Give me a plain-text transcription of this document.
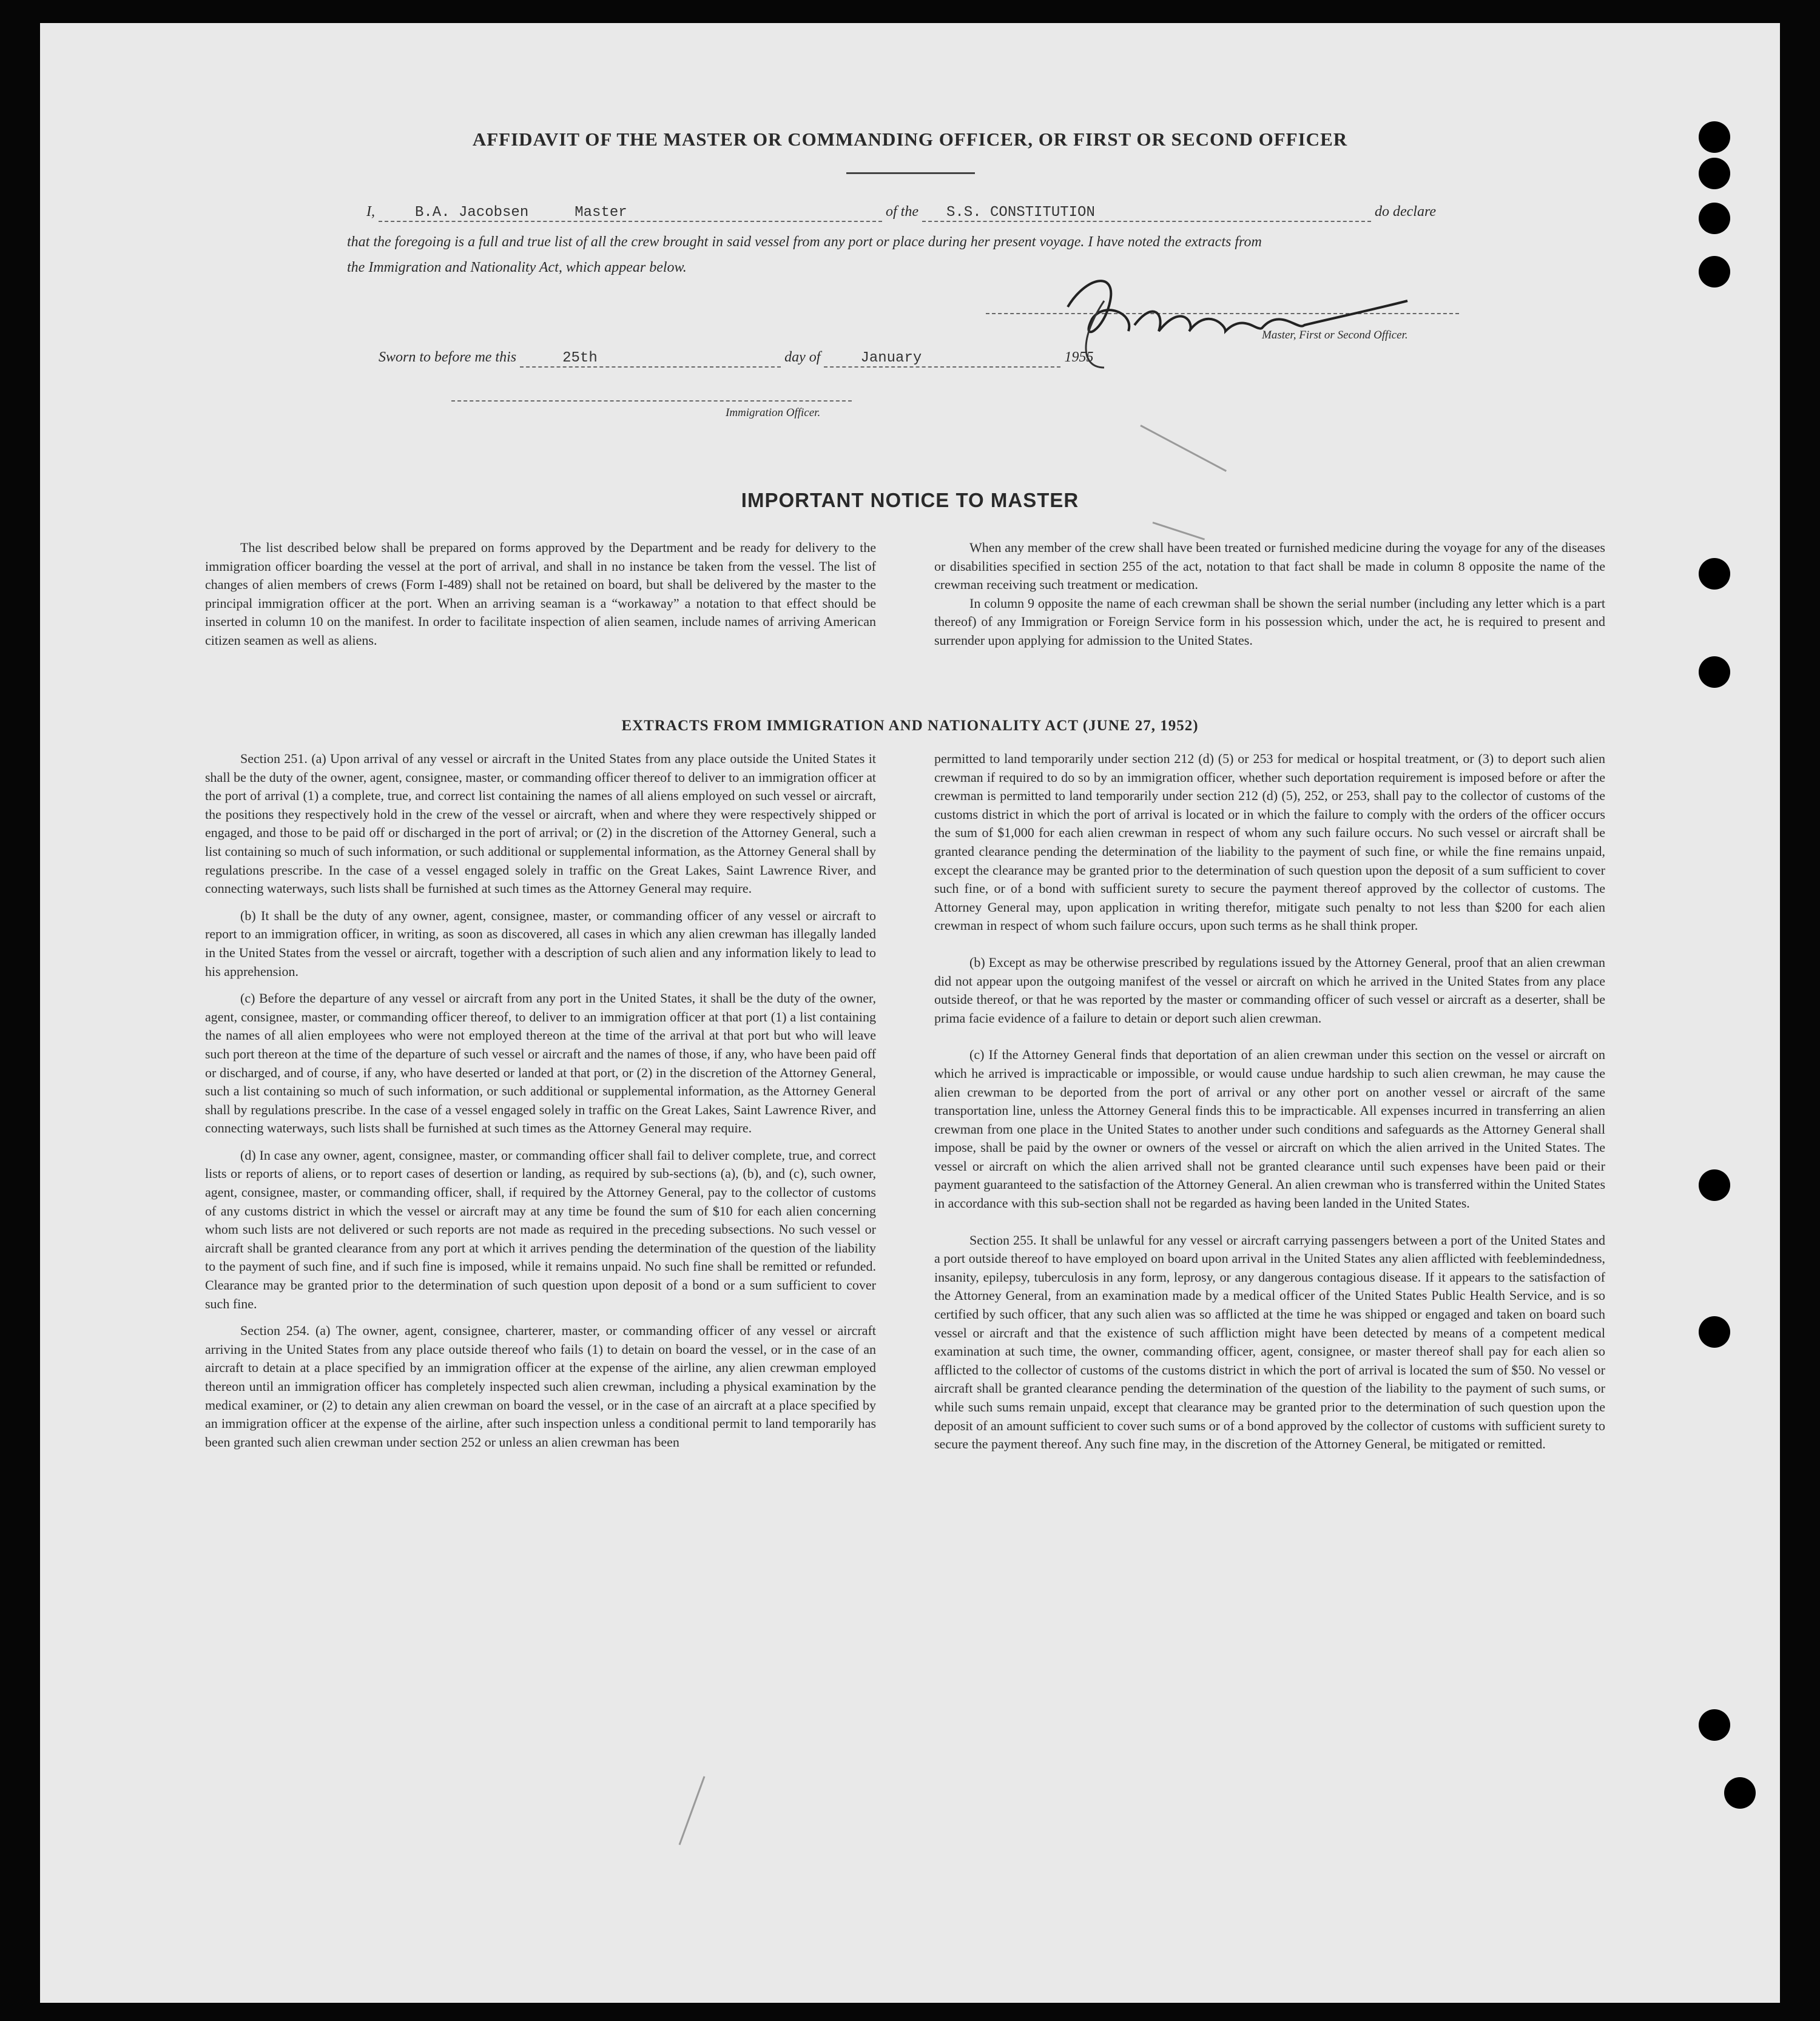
AFFIDAVIT OF THE MASTER OR COMMANDING OFFICER, OR FIRST OR SECOND OFFICER
I,	B.A. Jacobsen	Master	of the S.S. CONSTITUTION	do declare
that the foregoing is a full and true list of all the crew brought in said vessel from any port or place during her present voyage. I have noted the extracts from
the Immigration and Nationality Act, which appear below.
Master, First or Second Officer.
Sworn to before me this	25th	day of	January	1955
Immigration Officer.
IMPORTANT NOTICE TO MASTER

The list described below shall be prepared on forms approved by the Department and be ready for delivery to the immigration officer boarding the vessel at the port of arrival, and shall in no instance be taken from the vessel. The list of changes of alien members of crews (Form I-489) shall not be retained on board, but shall be delivered by the master to the principal immigration officer at the port. When an arriving seaman is a “workaway” a notation to that effect should be inserted in column 10 on the manifest. In order to facilitate inspection of alien seamen, include names of arriving American citizen seamen as well as aliens.

When any member of the crew shall have been treated or furnished medicine during the voyage for any of the diseases or disabilities specified in section 255 of the act, notation to that fact shall be made in column 8 opposite the name of the crewman receiving such treatment or medication.

In column 9 opposite the name of each crewman shall be shown the serial number (including any letter which is a part thereof) of any Immigration or Foreign Service form in his possession which, under the act, he is required to present and surrender upon applying for admission to the United States.

EXTRACTS FROM IMMIGRATION AND NATIONALITY ACT (JUNE 27, 1952)

Section 251. (a) Upon arrival of any vessel or aircraft in the United States from any place outside the United States it shall be the duty of the owner, agent, consignee, master, or commanding officer thereof to deliver to an immigration officer at the port of arrival (1) a complete, true, and correct list containing the names of all aliens employed on such vessel or aircraft, the positions they respectively hold in the crew of the vessel or aircraft, when and where they were respectively shipped or engaged, and those to be paid off or discharged in the port of arrival; or (2) in the discretion of the Attorney General, such a list containing so much of such information, or such additional or supplemental information, as the Attorney General shall by regulations prescribe. In the case of a vessel engaged solely in traffic on the Great Lakes, Saint Lawrence River, and connecting waterways, such lists shall be furnished at such times as the Attorney General may require.

(b) It shall be the duty of any owner, agent, consignee, master, or commanding officer of any vessel or aircraft to report to an immigration officer, in writing, as soon as discovered, all cases in which any alien crewman has illegally landed in the United States from the vessel or aircraft, together with a description of such alien and any information likely to lead to his apprehension.

(c) Before the departure of any vessel or aircraft from any port in the United States, it shall be the duty of the owner, agent, consignee, master, or commanding officer thereof, to deliver to an immigration officer at that port (1) a list containing the names of all alien employees who were not employed thereon at the time of the arrival at that port but who will leave such port thereon at the time of the departure of such vessel or aircraft and the names of those, if any, who have been paid off or discharged, and of course, if any, who have deserted or landed at that port, or (2) in the discretion of the Attorney General, such a list containing so much of such information, or such additional or supplemental information, as the Attorney General shall by regulations prescribe. In the case of a vessel engaged solely in traffic on the Great Lakes, Saint Lawrence River, and connecting waterways, such lists shall be furnished at such times as the Attorney General may require.

(d) In case any owner, agent, consignee, master, or commanding officer shall fail to deliver complete, true, and correct lists or reports of aliens, or to report cases of desertion or landing, as required by sub-sections (a), (b), and (c), such owner, agent, consignee, master, or commanding officer, shall, if required by the Attorney General, pay to the collector of customs of any customs district in which the vessel or aircraft may at any time be found the sum of $10 for each alien concerning whom such lists are not delivered or such reports are not made as required in the preceding subsections. No such vessel or aircraft shall be granted clearance from any port at which it arrives pending the determination of the question of the liability to the payment of such fine, and if such fine is imposed, while it remains unpaid. No such fine shall be remitted or refunded. Clearance may be granted prior to the determination of such question upon deposit of a bond or a sum sufficient to cover such fine.

Section 254. (a) The owner, agent, consignee, charterer, master, or commanding officer of any vessel or aircraft arriving in the United States from any place outside thereof who fails (1) to detain on board the vessel, or in the case of an aircraft to detain at a place specified by an immigration officer at the expense of the airline, any alien crewman employed thereon until an immigration officer has completely inspected such alien crewman, including a physical examination by the medical examiner, or (2) to detain any alien crewman on board the vessel, or in the case of an aircraft at a place specified by an immigration officer at the expense of the airline, after such inspection unless a conditional permit to land temporarily has been granted such alien crewman under section 252 or unless an alien crewman has been

permitted to land temporarily under section 212 (d) (5) or 253 for medical or hospital treatment, or (3) to deport such alien crewman if required to do so by an immigration officer, whether such deportation requirement is imposed before or after the crewman is permitted to land temporarily under section 212 (d) (5), 252, or 253, shall pay to the collector of customs of the customs district in which the port of arrival is located or in which the failure to comply with the orders of the officer occurs the sum of $1,000 for each alien crewman in respect of whom any such failure occurs. No such vessel or aircraft shall be granted clearance pending the determination of the liability to the payment of such fine, or while the fine remains unpaid, except the clearance may be granted prior to the determination of such question upon the deposit of a sum sufficient to cover such fine, or of a bond with sufficient surety to secure the payment thereof approved by the collector of customs. The Attorney General may, upon application in writing therefor, mitigate such penalty to not less than $200 for each alien crewman in respect of whom such failure occurs, upon such terms as he shall think proper.

(b) Except as may be otherwise prescribed by regulations issued by the Attorney General, proof that an alien crewman did not appear upon the outgoing manifest of the vessel or aircraft on which he arrived in the United States from any place outside thereof, or that he was reported by the master or commanding officer of such vessel or aircraft as a deserter, shall be prima facie evidence of a failure to detain or deport such alien crewman.

(c) If the Attorney General finds that deportation of an alien crewman under this section on the vessel or aircraft on which he arrived is impracticable or impossible, or would cause undue hardship to such alien crewman, he may cause the alien crewman to be deported from the port of arrival or any other port on another vessel or aircraft of the same transportation line, unless the Attorney General finds this to be impracticable. All expenses incurred in transferring an alien crewman from one place in the United States to another under such conditions and safeguards as the Attorney General shall impose, shall be paid by the owner or owners of the vessel or aircraft on which the alien arrived in the United States. The vessel or aircraft on which the alien arrived shall not be granted clearance until such expenses have been paid or their payment guaranteed to the satisfaction of the Attorney General. An alien crewman who is transferred within the United States in accordance with this sub-section shall not be regarded as having been landed in the United States.

Section 255. It shall be unlawful for any vessel or aircraft carrying passengers between a port of the United States and a port outside thereof to have employed on board upon arrival in the United States any alien afflicted with feeblemindedness, insanity, epilepsy, tuberculosis in any form, leprosy, or any dangerous contagious disease. If it appears to the satisfaction of the Attorney General, from an examination made by a medical officer of the United States Public Health Service, and is so certified by such officer, that any such alien was so afflicted at the time he was shipped or engaged and taken on board such vessel or aircraft and that the existence of such affliction might have been detected by means of a competent medical examination at such time, the owner, commanding officer, agent, consignee, or master thereof shall pay for each alien so afflicted to the collector of customs of the customs district in which the port of arrival is located the sum of $50. No vessel or aircraft shall be granted clearance pending the determination of the question of the liability to the payment of such sums, or while such sums remain unpaid, except that clearance may be granted prior to the determination of such question upon the deposit of an amount sufficient to cover such sums or of a bond approved by the collector of customs with sufficient surety to secure the payment thereof. Any such fine may, in the discretion of the Attorney General, be mitigated or remitted.
